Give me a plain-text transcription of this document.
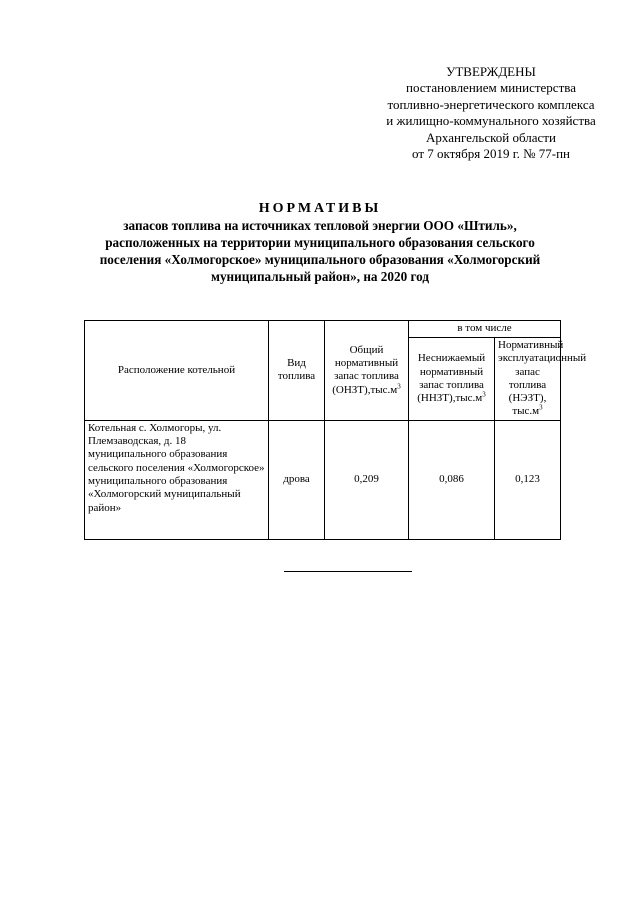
УТВЕРЖДЕНЫ
постановлением министерства
топливно-энергетического комплекса
и жилищно-коммунального хозяйства
Архангельской области
от 7 октября 2019 г. № 77-пн
НОРМАТИВЫ
запасов топлива на источниках тепловой энергии ООО «Штиль»,
расположенных на территории муниципального образования сельского
поселения «Холмогорское» муниципального образования «Холмогорский
муниципальный район», на 2020 год
Расположение котельной	Вид топлива	Общий нормативный запас топлива $(ОНЗТ),тыс.м^3$	в том числе	
			Неснижаемый нормативный запас топлива $(ННЗТ),тыс.м^3$	Нормативный эксплуатационный запас топлива (НЭЗТ), $тыс.м^3$
Котельная с. Холмогоры, ул. Племзаводская, д. 18 муниципального образования сельского поселения «Холмогорское» муниципального образования «Холмогорский муниципальный район»	дрова	0,209	0,086	0,123
